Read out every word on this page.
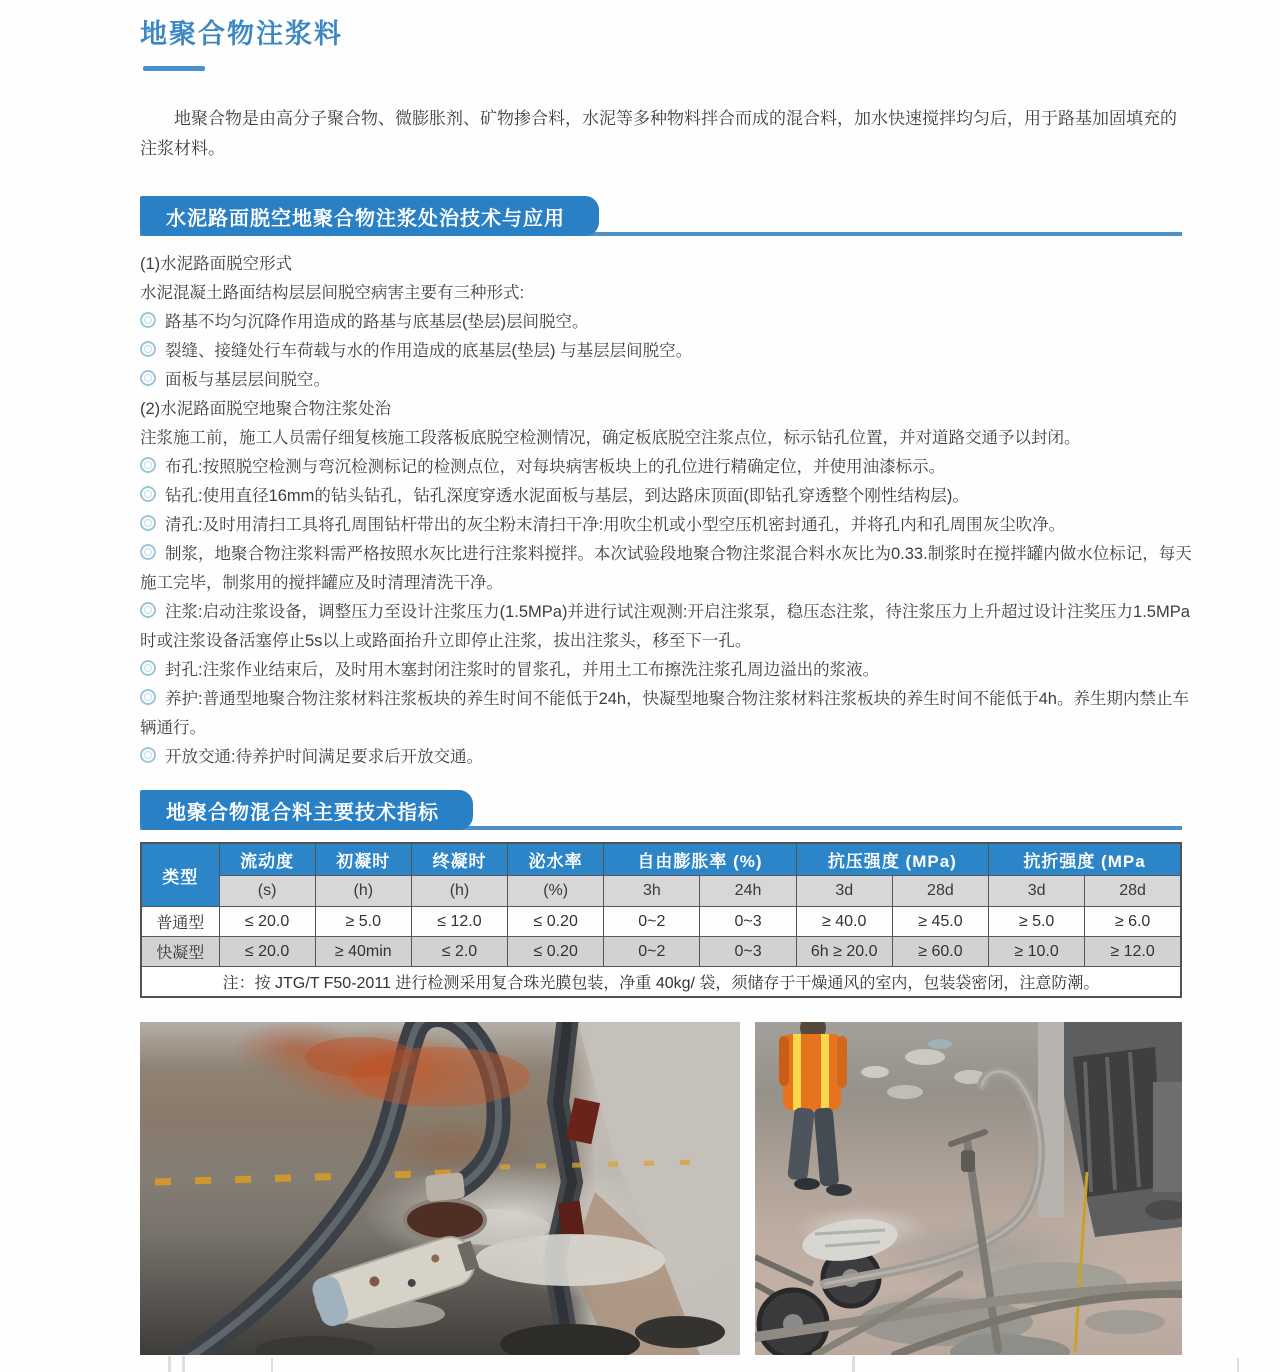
地聚合物注浆料
地聚合物是由高分子聚合物、微膨胀剂、矿物掺合料，水泥等多种物料拌合而成的混合料，加水快速搅拌均匀后，用于路基加固填充的注浆材料。
水泥路面脱空地聚合物注浆处治技术与应用
(1)水泥路面脱空形式
水泥混凝土路面结构层层间脱空病害主要有三种形式:
路基不均匀沉降作用造成的路基与底基层(垫层)层间脱空。
裂缝、接缝处行车荷载与水的作用造成的底基层(垫层) 与基层层间脱空。
面板与基层层间脱空。
(2)水泥路面脱空地聚合物注浆处治
注浆施工前，施工人员需仔细复核施工段落板底脱空检测情况，确定板底脱空注浆点位，标示钻孔位置，并对道路交通予以封闭。
布孔:按照脱空检测与弯沉检测标记的检测点位，对每块病害板块上的孔位进行精确定位，并使用油漆标示。
钻孔:使用直径16mm的钻头钻孔，钻孔深度穿透水泥面板与基层，到达路床顶面(即钻孔穿透整个刚性结构层)。
清孔:及时用清扫工具将孔周围钻杆带出的灰尘粉末清扫干净:用吹尘机或小型空压机密封通孔，并将孔内和孔周围灰尘吹净。
制浆，地聚合物注浆料需严格按照水灰比进行注浆料搅拌。本次试验段地聚合物注浆混合料水灰比为0.33.制浆时在搅拌罐内做水位标记，每天施工完毕，制浆用的搅拌罐应及时清理清洗干净。
注浆:启动注浆设备，调整压力至设计注浆压力(1.5MPa)并进行试注观测:开启注浆泵，稳压态注浆，待注浆压力上升超过设计注奖压力1.5MPa时或注浆设备活塞停止5s以上或路面抬升立即停止注浆，拔出注浆头，移至下一孔。
封孔:注浆作业结束后，及时用木塞封闭注浆时的冒浆孔，并用土工布擦洗注浆孔周边溢出的浆液。
养护:普通型地聚合物注浆材料注浆板块的养生时间不能低于24h，快凝型地聚合物注浆材料注浆板块的养生时间不能低于4h。养生期内禁止车辆通行。
开放交通:待养护时间满足要求后开放交通。
地聚合物混合料主要技术指标
类型	流动度	初凝时	终凝时	泌水率	自由膨胀率 (%)		抗压强度 (MPa)		抗折强度 (MPa	
	(s)	(h)	(h)	(%)	3h	24h	3d	28d	3d	28d
普通型	≤ 20.0	≥ 5.0	≤ 12.0	≤ 0.20	0~2	0~3	≥ 40.0	≥ 45.0	≥ 5.0	≥ 6.0
快凝型	≤ 20.0	≥ 40min	≤ 2.0	≤ 0.20	0~2	0~3	6h ≥ 20.0	≥ 60.0	≥ 10.0	≥ 12.0
注：按 JTG/T F50-2011 进行检测采用复合珠光膜包装，净重 40kg/ 袋，须储存于干燥通风的室内，包装袋密闭，注意防潮。										
